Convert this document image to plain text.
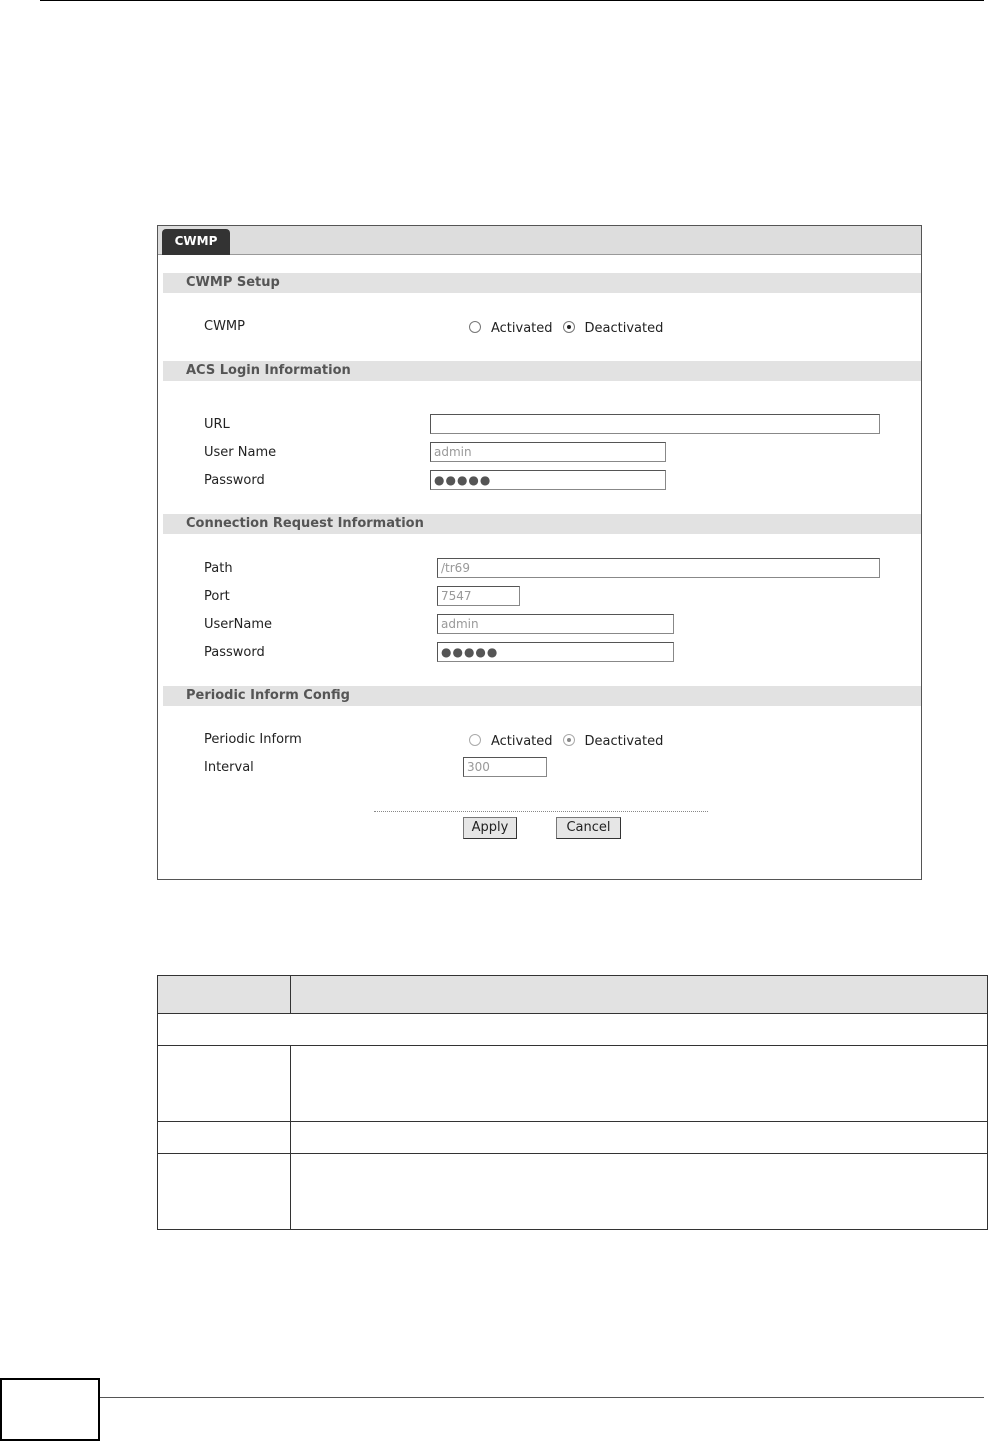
CWMP
CWMP Setup
CWMP	Activated Deactivated
ACS Login Information
URL
User Name	admin
Password	●●●●●
Connection Request Information
Path	/tr69
Port	7547
UserName	admin
Password	●●●●●
Periodic Inform Config
Periodic Inform	Activated Deactivated
Interval	300
Apply	Cancel
